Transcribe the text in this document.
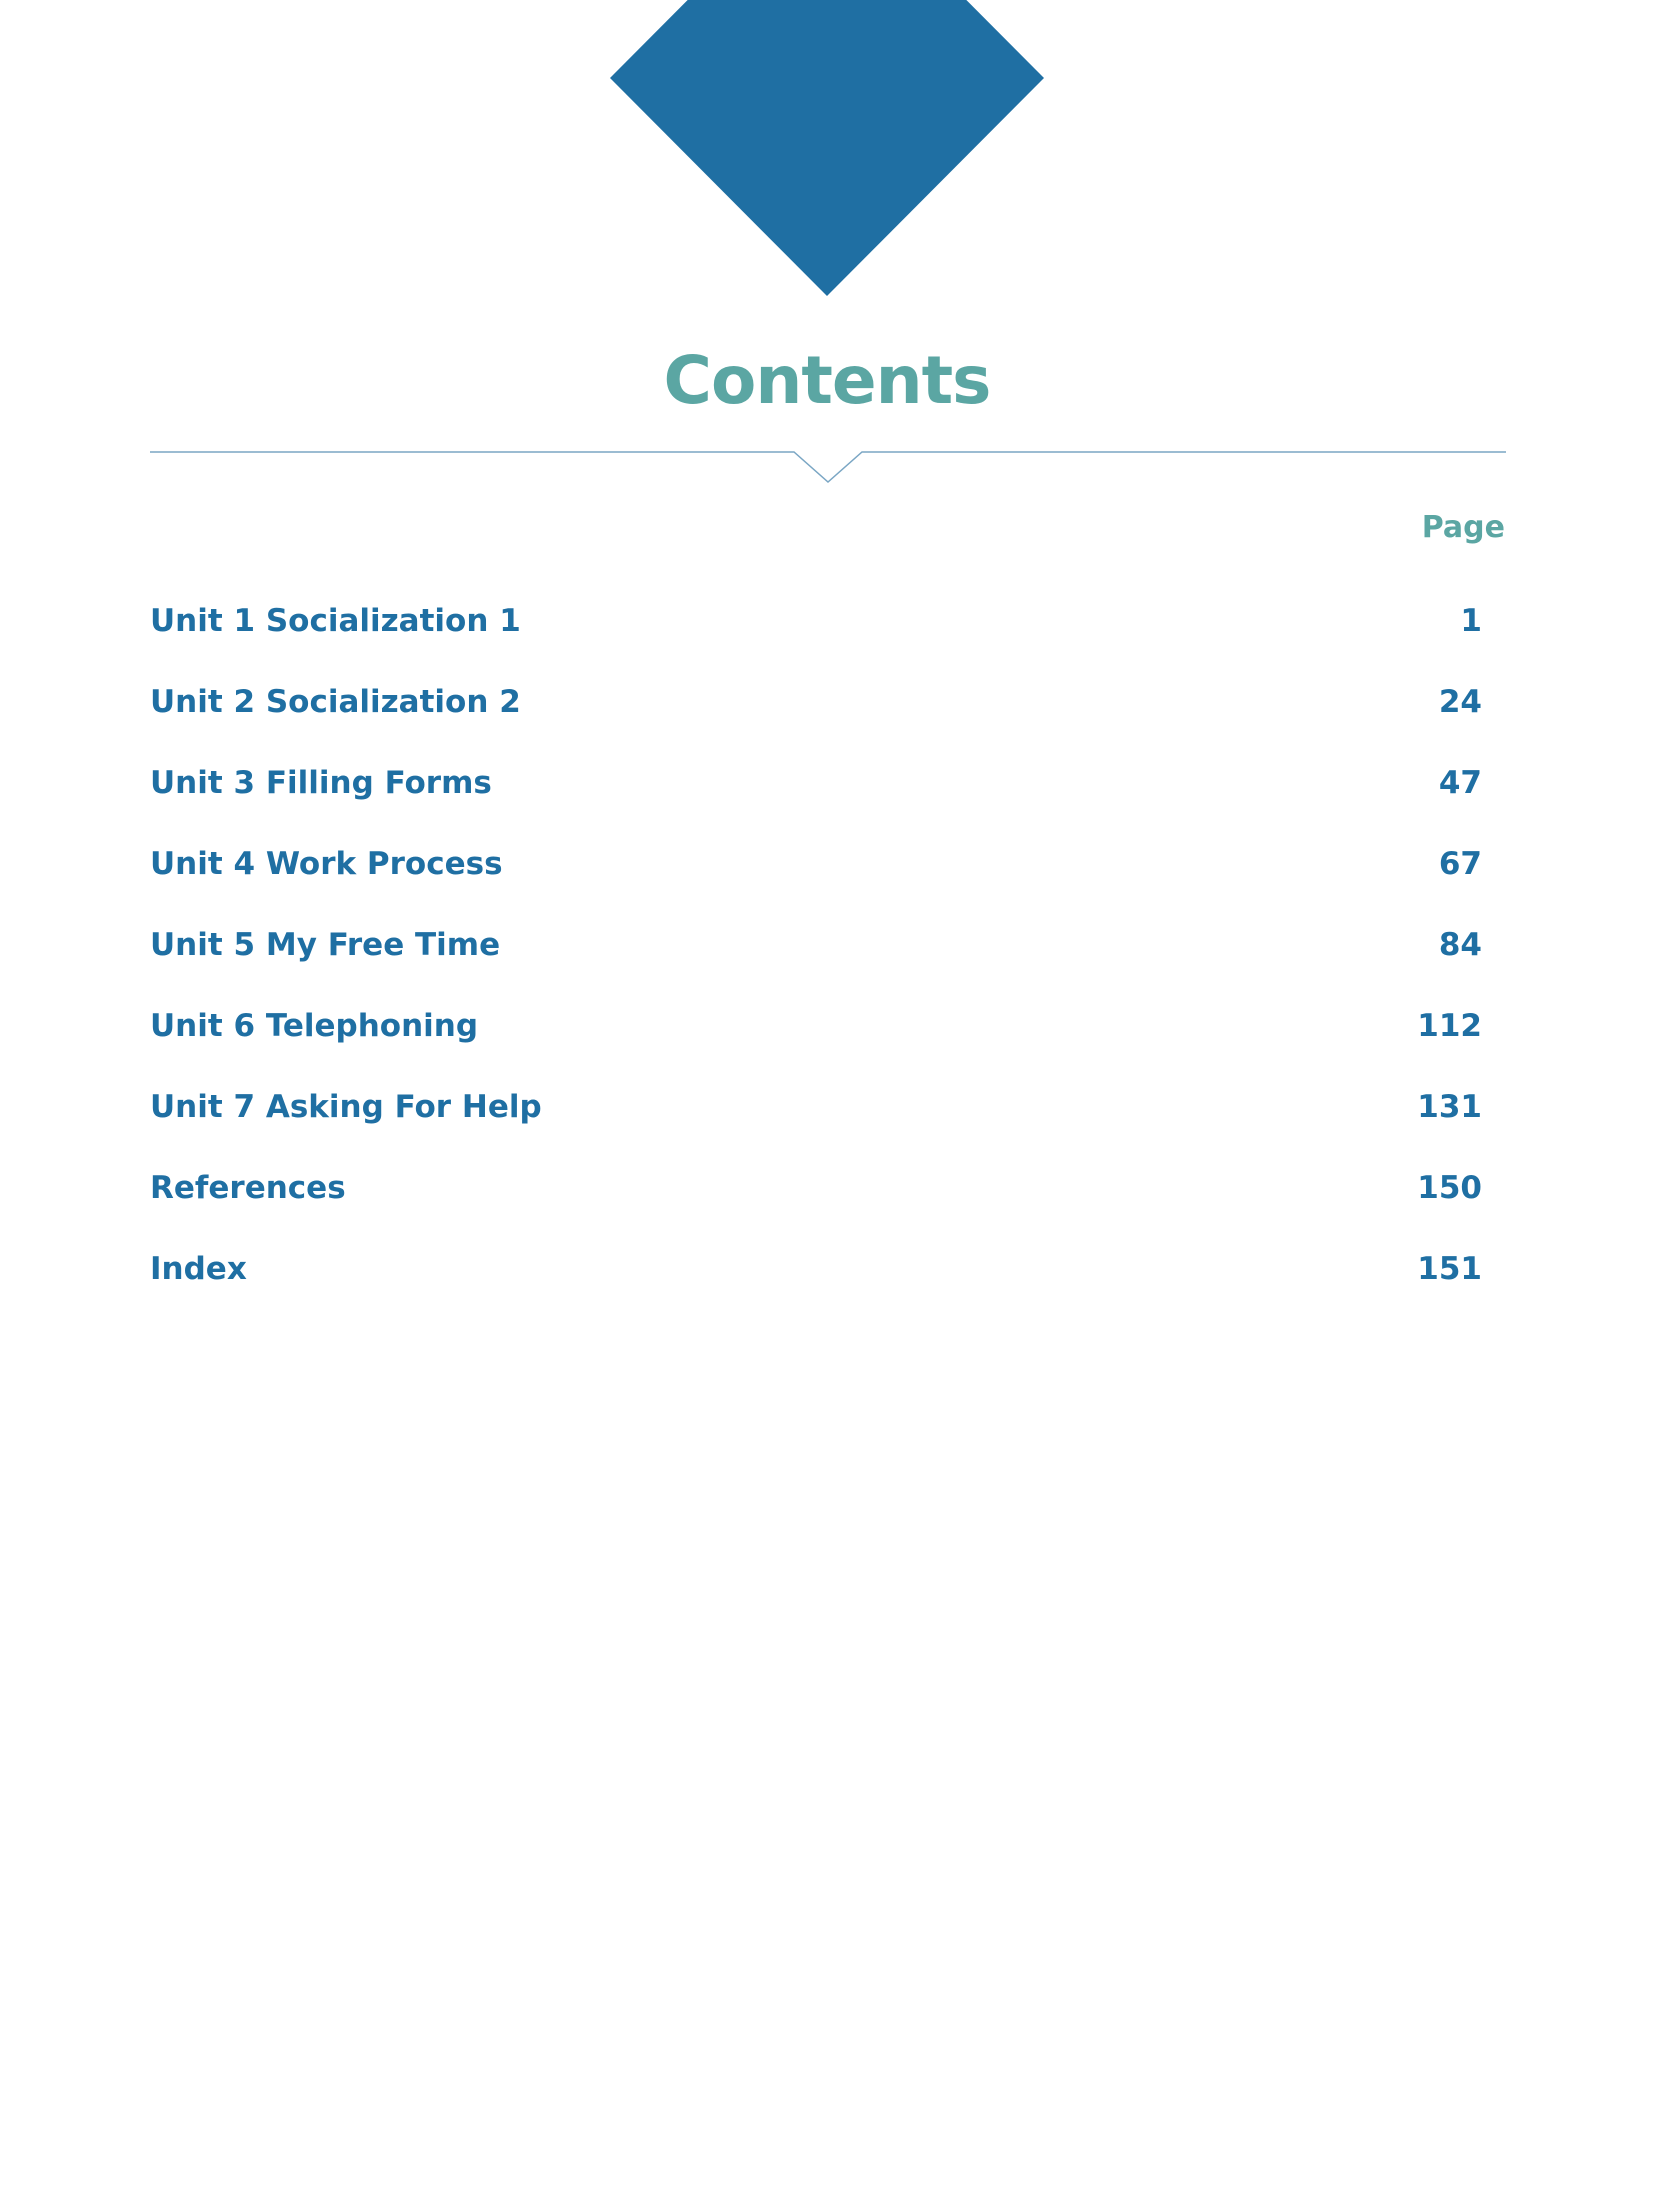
Contents
Page
Unit 1 Socialization 1	1
Unit 2 Socialization 2	24
Unit 3 Filling Forms	47
Unit 4 Work Process	67
Unit 5 My Free Time	84
Unit 6 Telephoning	112
Unit 7 Asking For Help	131
References	150
Index	151
